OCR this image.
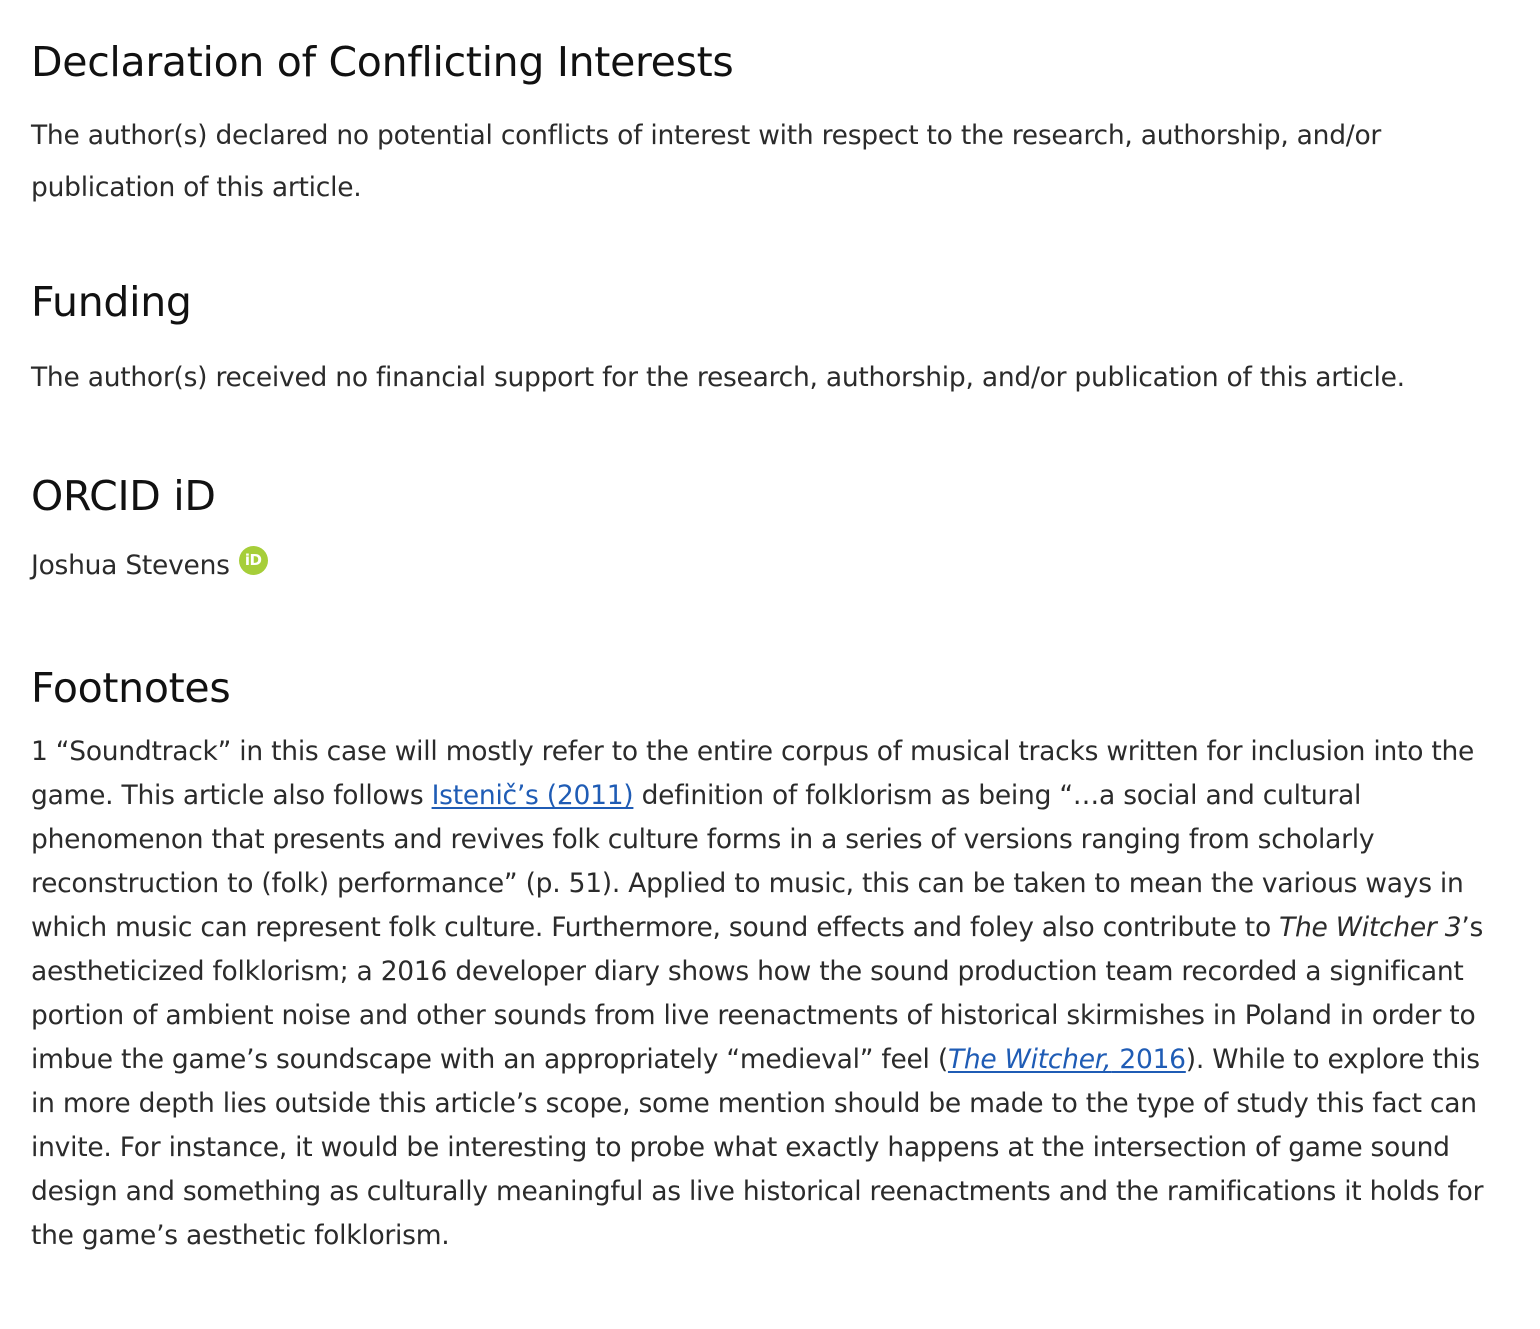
Declaration of Conflicting Interests

The author(s) declared no potential conflicts of interest with respect to the research, authorship, and/or publication of this article.

Funding

The author(s) received no financial support for the research, authorship, and/or publication of this article.

ORCID iD
Joshua Stevens	iD
Footnotes

1 “Soundtrack” in this case will mostly refer to the entire corpus of musical tracks written for inclusion into the game. This article also follows Istenič’s (2011) definition of folklorism as being “…a social and cultural phenomenon that presents and revives folk culture forms in a series of versions ranging from scholarly reconstruction to (folk) performance” (p. 51). Applied to music, this can be taken to mean the various ways in which music can represent folk culture. Furthermore, sound effects and foley also contribute to The Witcher 3’s aestheticized folklorism; a 2016 developer diary shows how the sound production team recorded a significant portion of ambient noise and other sounds from live reenactments of historical skirmishes in Poland in order to imbue the game’s soundscape with an appropriately “medieval” feel (The Witcher, 2016). While to explore this in more depth lies outside this article’s scope, some mention should be made to the type of study this fact can invite. For instance, it would be interesting to probe what exactly happens at the intersection of game sound design and something as culturally meaningful as live historical reenactments and the ramifications it holds for the game’s aesthetic folklorism.
